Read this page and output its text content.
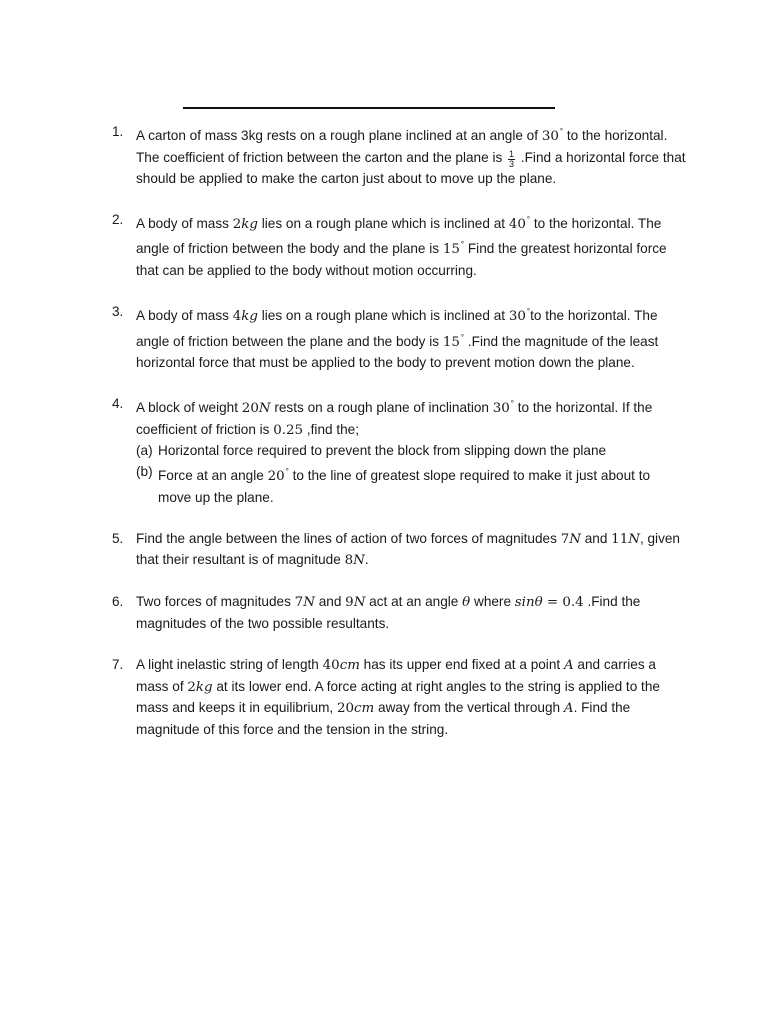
1. A carton of mass 3kg rests on a rough plane inclined at an angle of 30° to the horizontal. The coefficient of friction between the carton and the plane is $\frac{1}{3}$ .Find a horizontal force that should be applied to make the carton just about to move up the plane.
2. A body of mass 2kg lies on a rough plane which is inclined at 40° to the horizontal. The angle of friction between the body and the plane is 15° Find the greatest horizontal force that can be applied to the body without motion occurring.
3. A body of mass 4kg lies on a rough plane which is inclined at 30°to the horizontal. The angle of friction between the plane and the body is 15° .Find the magnitude of the least horizontal force that must be applied to the body to prevent motion down the plane.
4. A block of weight 20N rests on a rough plane of inclination 30° to the horizontal. If the coefficient of friction is 0.25 ,find the;
(a) Horizontal force required to prevent the block from slipping down the plane
(b) Force at an angle 20° to the line of greatest slope required to make it just about to move up the plane.
5. Find the angle between the lines of action of two forces of magnitudes 7N and 11N, given that their resultant is of magnitude 8N.
6. Two forces of magnitudes 7N and 9N act at an angle θ where sinθ = 0.4 .Find the magnitudes of the two possible resultants.
7. A light inelastic string of length 40cm has its upper end fixed at a point A and carries a mass of 2kg at its lower end. A force acting at right angles to the string is applied to the mass and keeps it in equilibrium, 20cm away from the vertical through A. Find the magnitude of this force and the tension in the string.
